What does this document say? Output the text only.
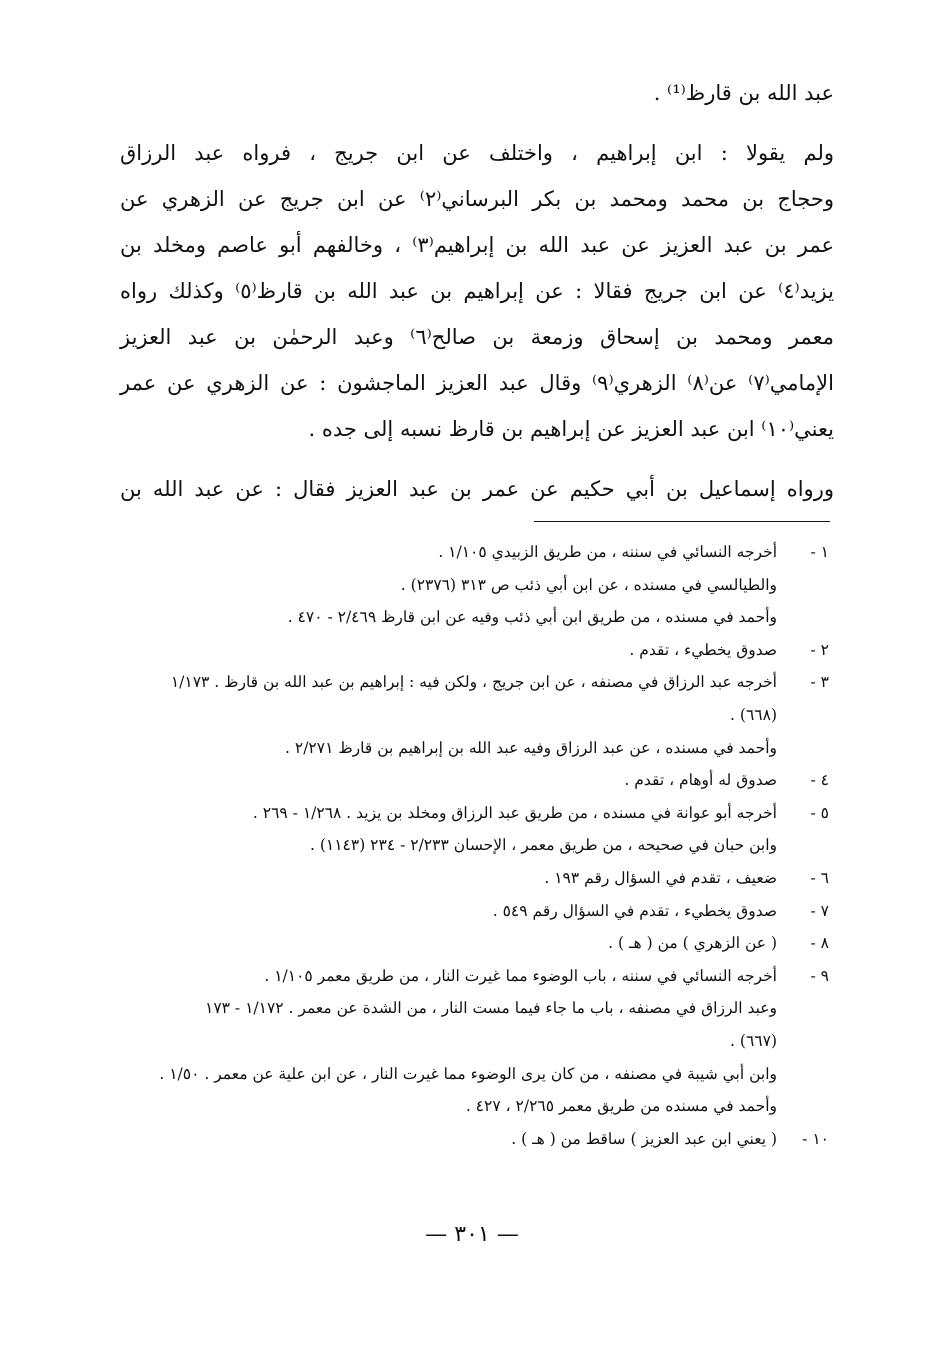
عبد الله بن قارظ⁽¹⁾ .
ولم يقولا : ابن إبراهيم ، واختلف عن ابن جريج ، فرواه عبد الرزاق
وحجاج بن محمد ومحمد بن بكر البرساني⁽٢⁾ عن ابن جريج عن الزهري عن
عمر بن عبد العزيز عن عبد الله بن إبراهيم⁽٣⁾ ، وخالفهم أبو عاصم ومخلد بن
يزيد⁽٤⁾ عن ابن جريج فقالا : عن إبراهيم بن عبد الله بن قارظ⁽٥⁾ وكذلك رواه
معمر ومحمد بن إسحاق وزمعة بن صالح⁽٦⁾ وعبد الرحمٰن بن عبد العزيز
الإمامي⁽٧⁾ عن⁽٨⁾ الزهري⁽٩⁾ وقال عبد العزيز الماجشون : عن الزهري عن عمر
يعني⁽١٠⁾ ابن عبد العزيز عن إبراهيم بن قارظ نسبه إلى جده .
ورواه إسماعيل بن أبي حكيم عن عمر بن عبد العزيز فقال : عن عبد الله بن
١ -
أخرجه النسائي في سننه ، من طريق الزبيدي ١/١٠٥ .
والطيالسي في مسنده ، عن ابن أبي ذئب ص ٣١٣ (٢٣٧٦) .
وأحمد في مسنده ، من طريق ابن أبي ذئب وفيه عن ابن قارظ ٢/٤٦٩ - ٤٧٠ .
٢ -
صدوق يخطيء ، تقدم .
٣ -
أخرجه عبد الرزاق في مصنفه ، عن ابن جريج ، ولكن فيه : إبراهيم بن عبد الله بن قارظ . ١/١٧٣
(٦٦٨) .
وأحمد في مسنده ، عن عبد الرزاق وفيه عبد الله بن إبراهيم بن قارظ ٢/٢٧١ .
٤ -
صدوق له أوهام ، تقدم .
٥ -
أخرجه أبو عوانة في مسنده ، من طريق عبد الرزاق ومخلد بن يزيد . ١/٢٦٨ - ٢٦٩ .
وابن حبان في صحيحه ، من طريق معمر ، الإحسان ٢/٢٣٣ - ٢٣٤ (١١٤٣) .
٦ -
ضعيف ، تقدم في السؤال رقم ١٩٣ .
٧ -
صدوق يخطيء ، تقدم في السؤال رقم ٥٤٩ .
٨ -
( عن الزهري ) من ( هـ ) .
٩ -
أخرجه النسائي في سننه ، باب الوضوء مما غيرت النار ، من طريق معمر ١/١٠٥ .
وعبد الرزاق في مصنفه ، باب ما جاء فيما مست النار ، من الشدة عن معمر . ١/١٧٢ - ١٧٣
(٦٦٧) .
وابن أبي شيبة في مصنفه ، من كان يرى الوضوء مما غيرت النار ، عن ابن علية عن معمر . ١/٥٠ .
وأحمد في مسنده من طريق معمر ٢/٢٦٥ ، ٤٢٧ .
١٠ -
( يعني ابن عبد العزيز ) ساقط من ( هـ ) .
— ٣٠١ —
